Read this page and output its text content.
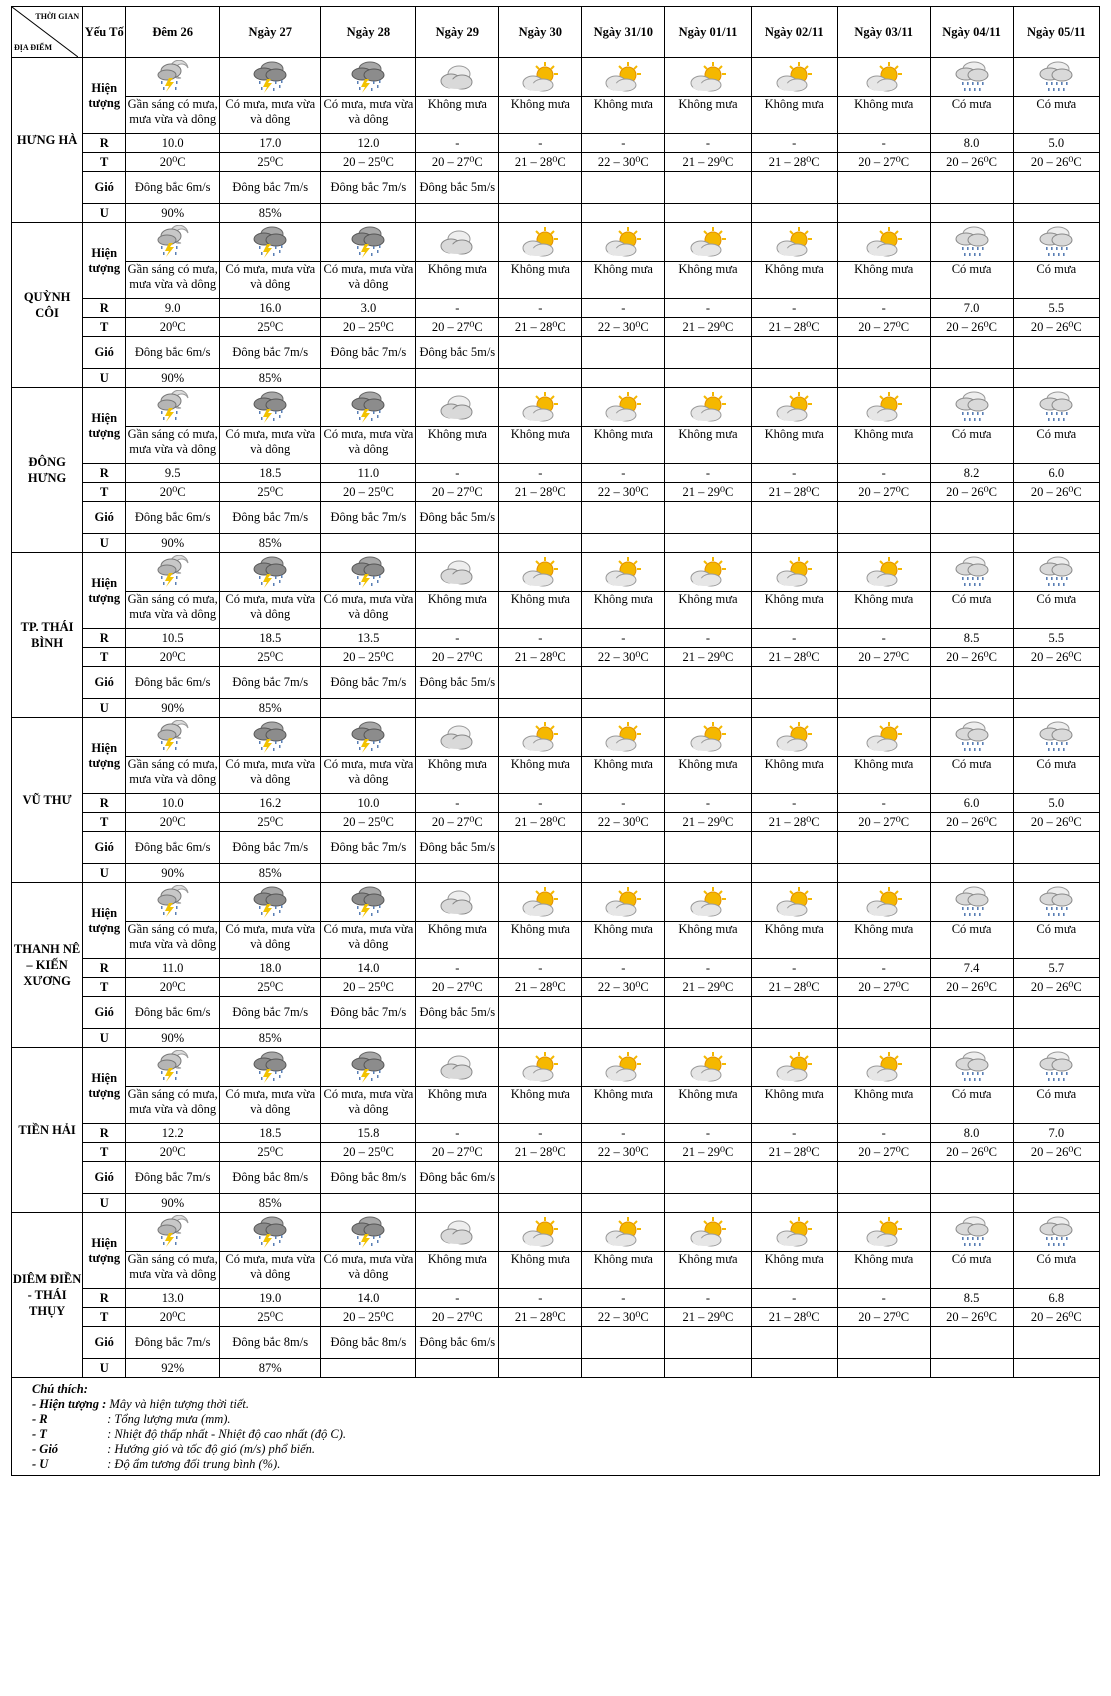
THỜI GIAN
ĐỊA ĐIỂM	Yếu Tố	Đêm 26	Ngày 27	Ngày 28	Ngày 29	Ngày 30	Ngày 31/10	Ngày 01/11	Ngày 02/11	Ngày 03/11	Ngày 04/11	Ngày 05/11
HƯNG HÀ	Hiện tượng	

		Gần sáng có mưa, mưa vừa và dông	Có mưa, mưa vừa và dông	Có mưa, mưa vừa và dông	Không mưa	Không mưa	Không mưa	Không mưa	Không mưa	Không mưa	Có mưa	Có mưa
	R	10.0	17.0	12.0	-	-	-	-	-	-	8.0	5.0
	T	20⁰C	25⁰C	20 – 25⁰C	20 – 27⁰C	21 – 28⁰C	22 – 30⁰C	21 – 29⁰C	21 – 28⁰C	20 – 27⁰C	20 – 26⁰C	20 – 26⁰C
	Gió	Đông bắc 6m/s	Đông bắc 7m/s	Đông bắc 7m/s	Đông bắc 5m/s							
	U	90%	85%									
QUỲNH CÔI	Hiện tượng	

		Gần sáng có mưa, mưa vừa và dông	Có mưa, mưa vừa và dông	Có mưa, mưa vừa và dông	Không mưa	Không mưa	Không mưa	Không mưa	Không mưa	Không mưa	Có mưa	Có mưa
	R	9.0	16.0	3.0	-	-	-	-	-	-	7.0	5.5
	T	20⁰C	25⁰C	20 – 25⁰C	20 – 27⁰C	21 – 28⁰C	22 – 30⁰C	21 – 29⁰C	21 – 28⁰C	20 – 27⁰C	20 – 26⁰C	20 – 26⁰C
	Gió	Đông bắc 6m/s	Đông bắc 7m/s	Đông bắc 7m/s	Đông bắc 5m/s							
	U	90%	85%									
ĐÔNG HƯNG	Hiện tượng	

		Gần sáng có mưa, mưa vừa và dông	Có mưa, mưa vừa và dông	Có mưa, mưa vừa và dông	Không mưa	Không mưa	Không mưa	Không mưa	Không mưa	Không mưa	Có mưa	Có mưa
	R	9.5	18.5	11.0	-	-	-	-	-	-	8.2	6.0
	T	20⁰C	25⁰C	20 – 25⁰C	20 – 27⁰C	21 – 28⁰C	22 – 30⁰C	21 – 29⁰C	21 – 28⁰C	20 – 27⁰C	20 – 26⁰C	20 – 26⁰C
	Gió	Đông bắc 6m/s	Đông bắc 7m/s	Đông bắc 7m/s	Đông bắc 5m/s							
	U	90%	85%									
TP. THÁI BÌNH	Hiện tượng	

		Gần sáng có mưa, mưa vừa và dông	Có mưa, mưa vừa và dông	Có mưa, mưa vừa và dông	Không mưa	Không mưa	Không mưa	Không mưa	Không mưa	Không mưa	Có mưa	Có mưa
	R	10.5	18.5	13.5	-	-	-	-	-	-	8.5	5.5
	T	20⁰C	25⁰C	20 – 25⁰C	20 – 27⁰C	21 – 28⁰C	22 – 30⁰C	21 – 29⁰C	21 – 28⁰C	20 – 27⁰C	20 – 26⁰C	20 – 26⁰C
	Gió	Đông bắc 6m/s	Đông bắc 7m/s	Đông bắc 7m/s	Đông bắc 5m/s							
	U	90%	85%									
VŨ THƯ	Hiện tượng	

		Gần sáng có mưa, mưa vừa và dông	Có mưa, mưa vừa và dông	Có mưa, mưa vừa và dông	Không mưa	Không mưa	Không mưa	Không mưa	Không mưa	Không mưa	Có mưa	Có mưa
	R	10.0	16.2	10.0	-	-	-	-	-	-	6.0	5.0
	T	20⁰C	25⁰C	20 – 25⁰C	20 – 27⁰C	21 – 28⁰C	22 – 30⁰C	21 – 29⁰C	21 – 28⁰C	20 – 27⁰C	20 – 26⁰C	20 – 26⁰C
	Gió	Đông bắc 6m/s	Đông bắc 7m/s	Đông bắc 7m/s	Đông bắc 5m/s							
	U	90%	85%									
THANH NÊ – KIẾN XƯƠNG	Hiện tượng	

		Gần sáng có mưa, mưa vừa và dông	Có mưa, mưa vừa và dông	Có mưa, mưa vừa và dông	Không mưa	Không mưa	Không mưa	Không mưa	Không mưa	Không mưa	Có mưa	Có mưa
	R	11.0	18.0	14.0	-	-	-	-	-	-	7.4	5.7
	T	20⁰C	25⁰C	20 – 25⁰C	20 – 27⁰C	21 – 28⁰C	22 – 30⁰C	21 – 29⁰C	21 – 28⁰C	20 – 27⁰C	20 – 26⁰C	20 – 26⁰C
	Gió	Đông bắc 6m/s	Đông bắc 7m/s	Đông bắc 7m/s	Đông bắc 5m/s							
	U	90%	85%									
TIỀN HẢI	Hiện tượng	

		Gần sáng có mưa, mưa vừa và dông	Có mưa, mưa vừa và dông	Có mưa, mưa vừa và dông	Không mưa	Không mưa	Không mưa	Không mưa	Không mưa	Không mưa	Có mưa	Có mưa
	R	12.2	18.5	15.8	-	-	-	-	-	-	8.0	7.0
	T	20⁰C	25⁰C	20 – 25⁰C	20 – 27⁰C	21 – 28⁰C	22 – 30⁰C	21 – 29⁰C	21 – 28⁰C	20 – 27⁰C	20 – 26⁰C	20 – 26⁰C
	Gió	Đông bắc 7m/s	Đông bắc 8m/s	Đông bắc 8m/s	Đông bắc 6m/s							
	U	90%	85%									
DIÊM ĐIỀN - THÁI THỤY	Hiện tượng	

		Gần sáng có mưa, mưa vừa và dông	Có mưa, mưa vừa và dông	Có mưa, mưa vừa và dông	Không mưa	Không mưa	Không mưa	Không mưa	Không mưa	Không mưa	Có mưa	Có mưa
	R	13.0	19.0	14.0	-	-	-	-	-	-	8.5	6.8
	T	20⁰C	25⁰C	20 – 25⁰C	20 – 27⁰C	21 – 28⁰C	22 – 30⁰C	21 – 29⁰C	21 – 28⁰C	20 – 27⁰C	20 – 26⁰C	20 – 26⁰C
	Gió	Đông bắc 7m/s	Đông bắc 8m/s	Đông bắc 8m/s	Đông bắc 6m/s							
	U	92%	87%									
Chú thích:
- Hiện tượng : Mây và hiện tượng thời tiết.
- R	: Tổng lượng mưa (mm).
- T	: Nhiệt độ thấp nhất - Nhiệt độ cao nhất (độ C).
- Gió	: Hướng gió và tốc độ gió (m/s) phổ biến.
- U	: Độ ẩm tương đối trung bình (%).
